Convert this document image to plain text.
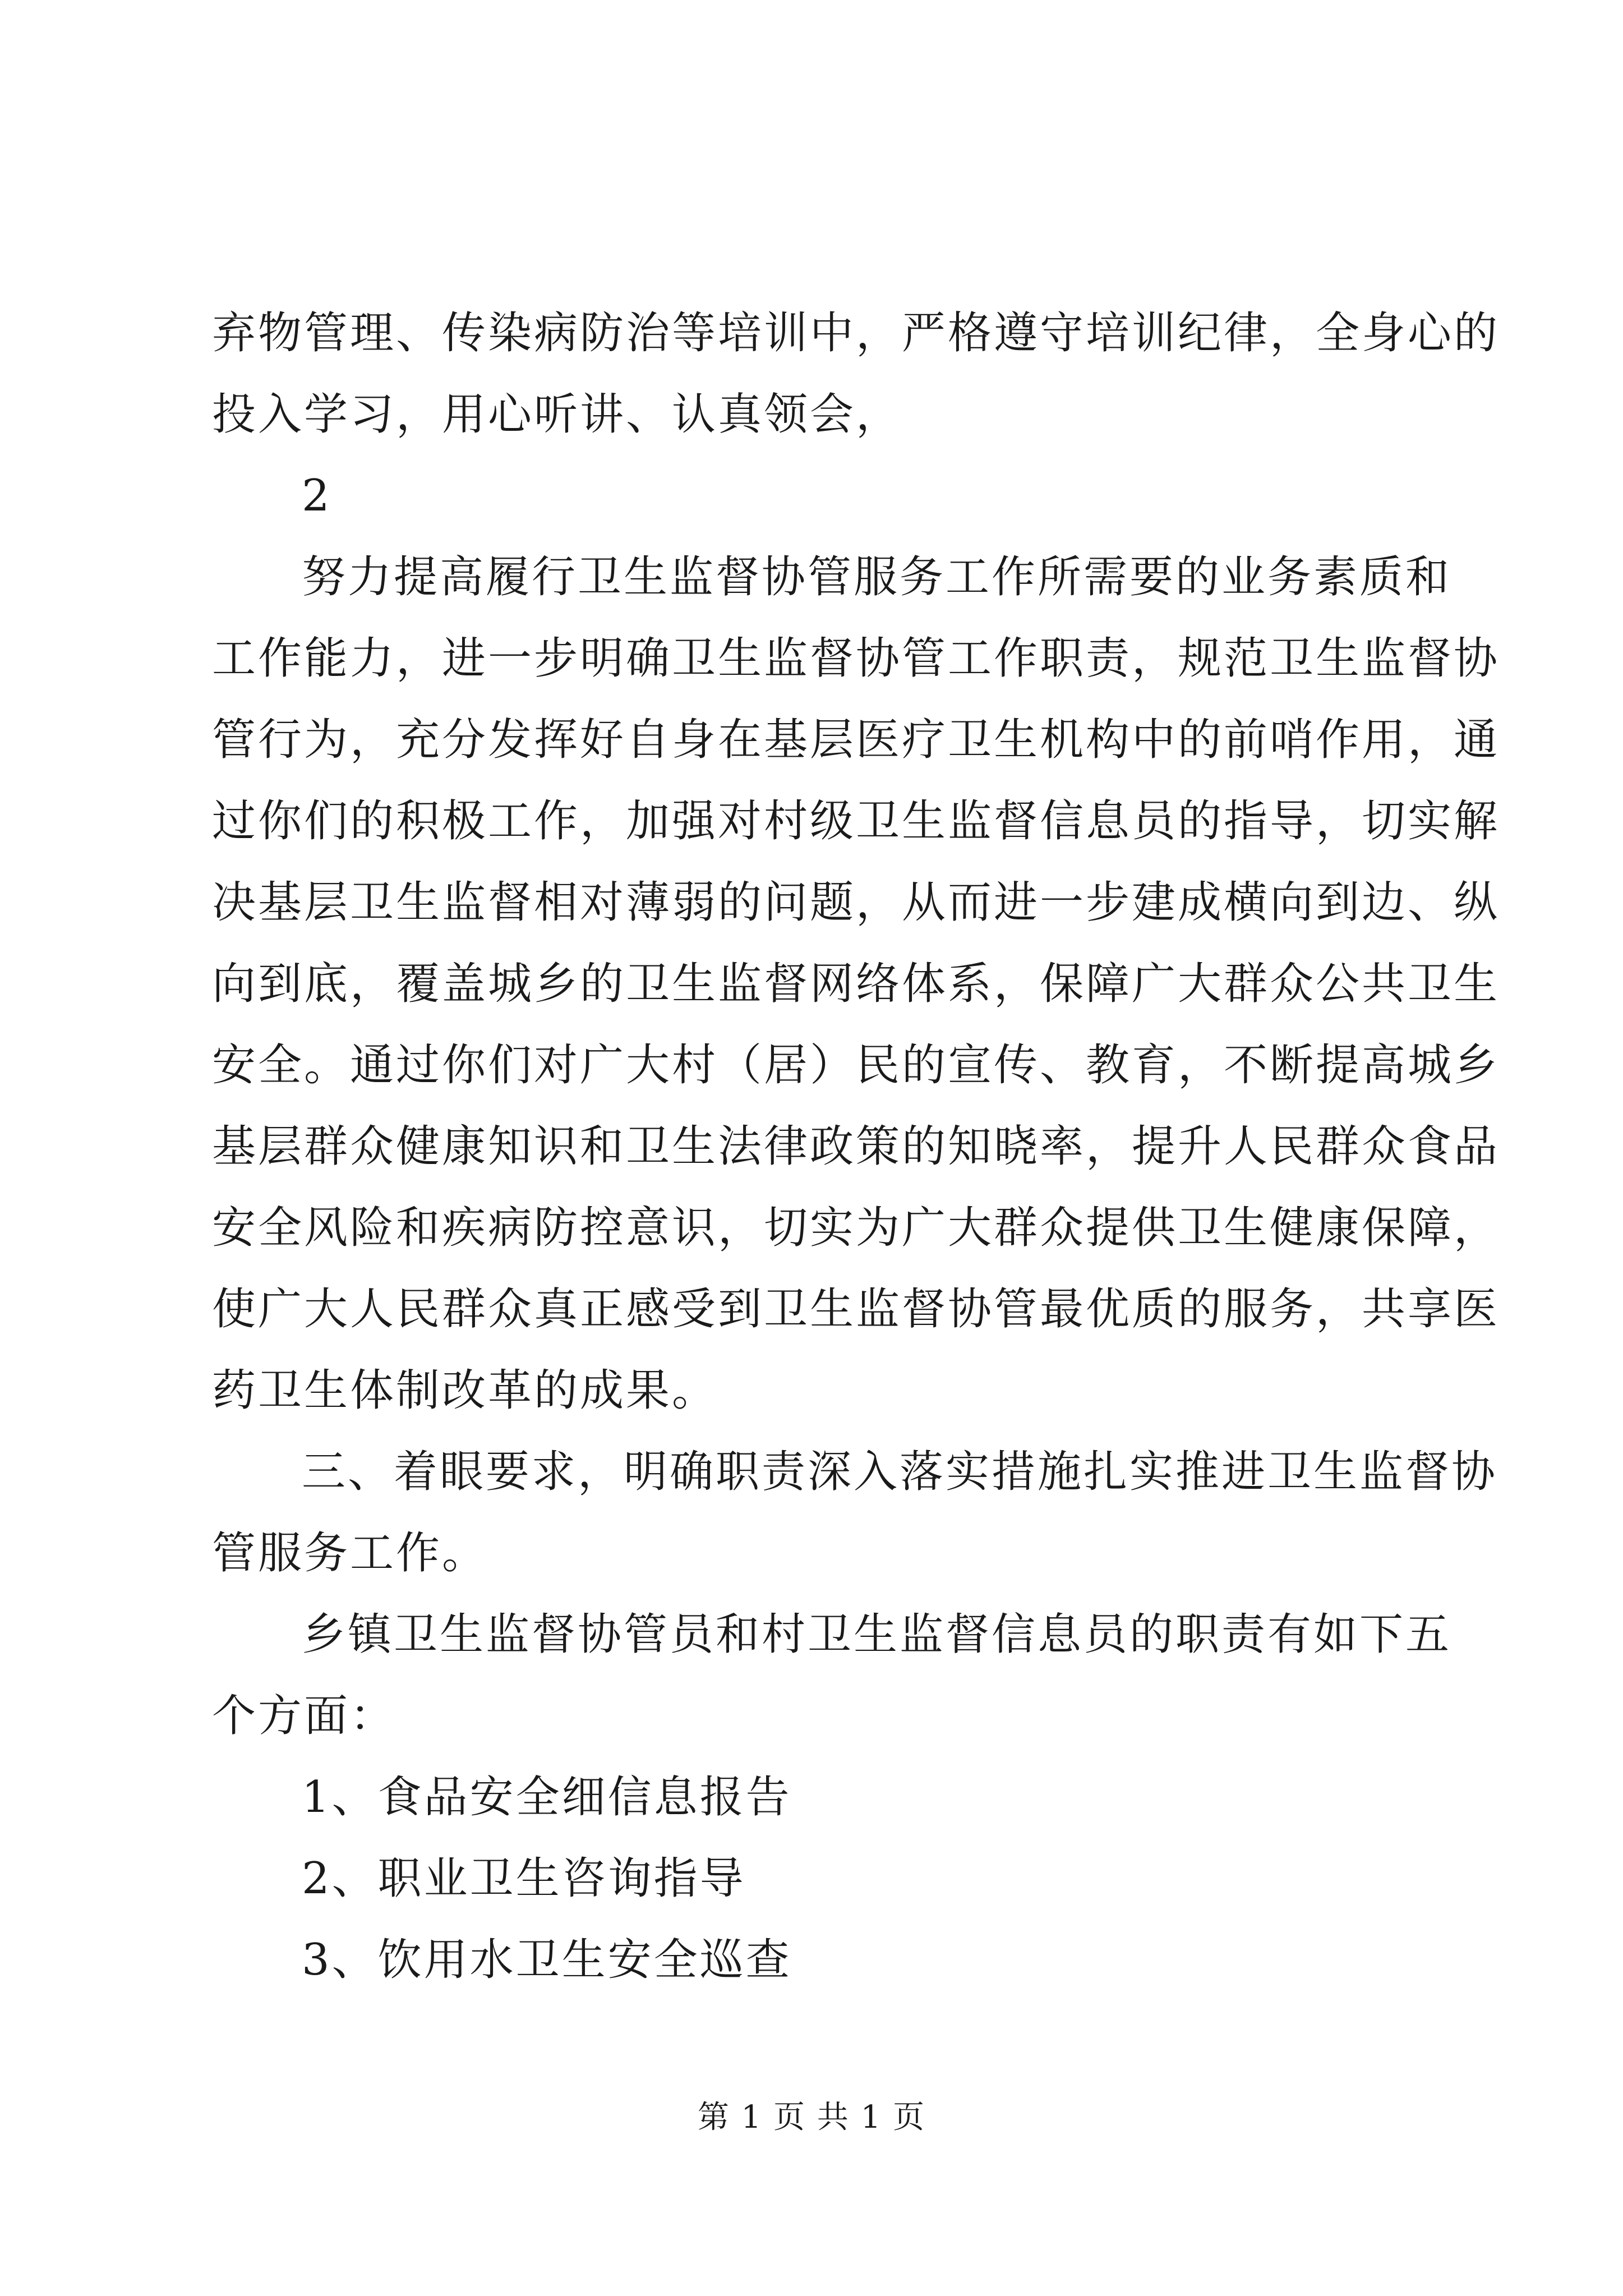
弃物管理、传染病防治等培训中，严格遵守培训纪律，全身心的
投入学习，用心听讲、认真领会，
2
努力提高履行卫生监督协管服务工作所需要的业务素质和
工作能力，进一步明确卫生监督协管工作职责，规范卫生监督协
管行为，充分发挥好自身在基层医疗卫生机构中的前哨作用，通
过你们的积极工作，加强对村级卫生监督信息员的指导，切实解
决基层卫生监督相对薄弱的问题，从而进一步建成横向到边、纵
向到底，覆盖城乡的卫生监督网络体系，保障广大群众公共卫生
安全。通过你们对广大村（居）民的宣传、教育，不断提高城乡
基层群众健康知识和卫生法律政策的知晓率，提升人民群众食品
安全风险和疾病防控意识，切实为广大群众提供卫生健康保障，
使广大人民群众真正感受到卫生监督协管最优质的服务，共享医
药卫生体制改革的成果。
三、着眼要求，明确职责深入落实措施扎实推进卫生监督协
管服务工作。
乡镇卫生监督协管员和村卫生监督信息员的职责有如下五
个方面：
1、食品安全细信息报告
2、职业卫生咨询指导
3、饮用水卫生安全巡查
第 1 页 共 1 页
